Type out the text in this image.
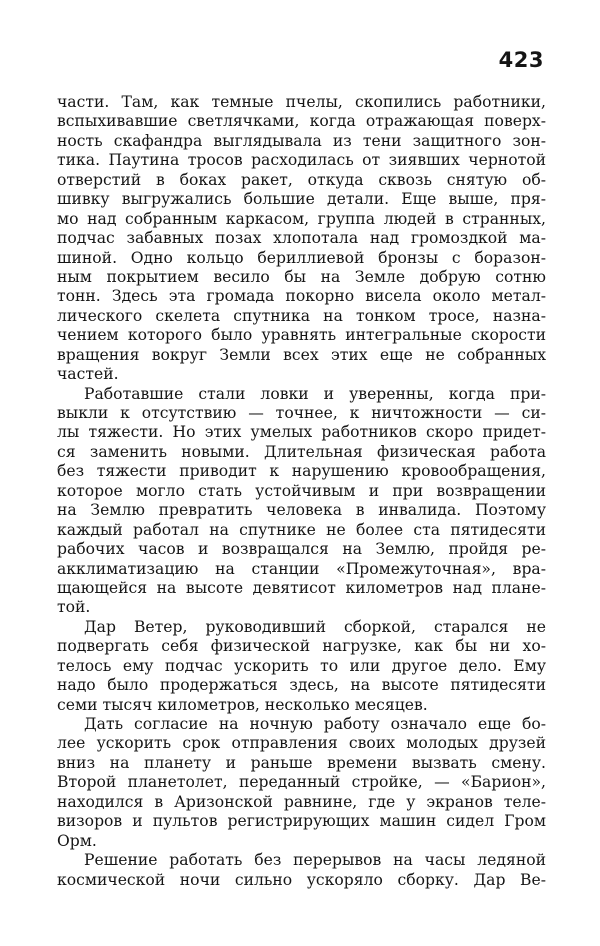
423
части. Там, как темные пчелы, скопились работники,
вспыхивавшие светлячками, когда отражающая поверх-
ность скафандра выглядывала из тени защитного зон-
тика. Паутина тросов расходилась от зиявших чернотой
отверстий в боках ракет, откуда сквозь снятую об-
шивку выгружались большие детали. Еще выше, пря-
мо над собранным каркасом, группа людей в странных,
подчас забавных позах хлопотала над громоздкой ма-
шиной. Одно кольцо бериллиевой бронзы с боразон-
ным покрытием весило бы на Земле добрую сотню
тонн. Здесь эта громада покорно висела около метал-
лического скелета спутника на тонком тросе, назна-
чением которого было уравнять интегральные скорости
вращения вокруг Земли всех этих еще не собранных
частей.
Работавшие стали ловки и уверенны, когда при-
выкли к отсутствию — точнее, к ничтожности — си-
лы тяжести. Но этих умелых работников скоро придет-
ся заменить новыми. Длительная физическая работа
без тяжести приводит к нарушению кровообращения,
которое могло стать устойчивым и при возвращении
на Землю превратить человека в инвалида. Поэтому
каждый работал на спутнике не более ста пятидесяти
рабочих часов и возвращался на Землю, пройдя ре-
акклиматизацию на станции «Промежуточная», вра-
щающейся на высоте девятисот километров над плане-
той.
Дар Ветер, руководивший сборкой, старался не
подвергать себя физической нагрузке, как бы ни хо-
телось ему подчас ускорить то или другое дело. Ему
надо было продержаться здесь, на высоте пятидесяти
семи тысяч километров, несколько месяцев.
Дать согласие на ночную работу означало еще бо-
лее ускорить срок отправления своих молодых друзей
вниз на планету и раньше времени вызвать смену.
Второй планетолет, переданный стройке, — «Барион»,
находился в Аризонской равнине, где у экранов теле-
визоров и пультов регистрирующих машин сидел Гром
Орм.
Решение работать без перерывов на часы ледяной
космической ночи сильно ускоряло сборку. Дар Ве-
